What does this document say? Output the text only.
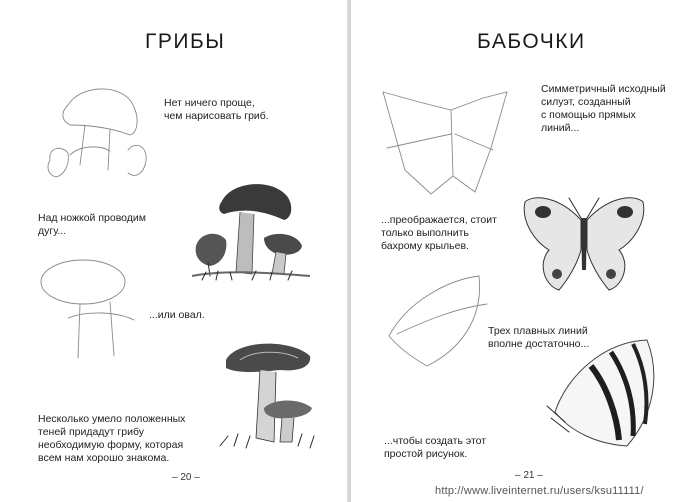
ГРИБЫ
Нет ничего проще,
чем нарисовать гриб.
Над ножкой проводим
дугу...
...или овал.
Несколько умело положенных
теней придадут грибу
необходимую форму, которая
всем нам хорошо знакома.
– 20 –
БАБОЧКИ
Симметричный исходный
силуэт, созданный
с помощью прямых
линий...
...преображается, стоит
только выполнить
бахрому крыльев.
Трех плавных линий
вполне достаточно...
...чтобы создать этот
простой рисунок.
– 21 –
http://www.liveinternet.ru/users/ksu11111/
